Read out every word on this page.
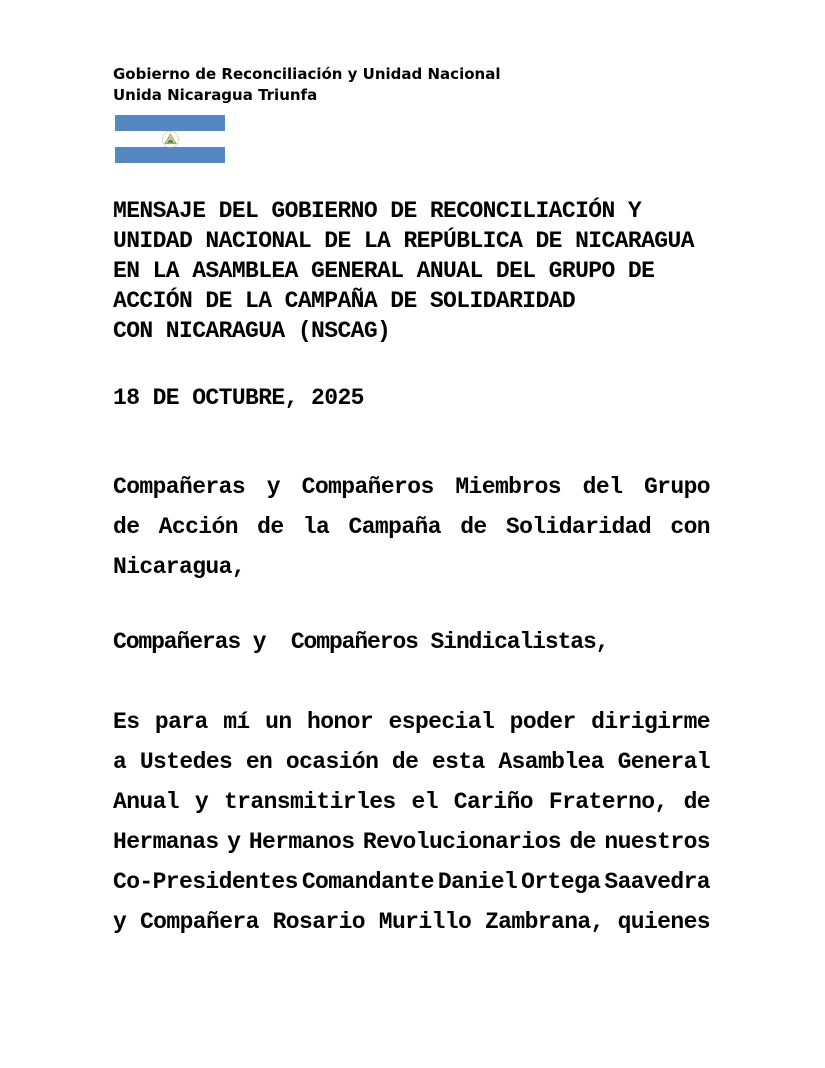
Gobierno de Reconciliación y Unidad Nacional
Unida Nicaragua Triunfa
MENSAJE DEL GOBIERNO DE RECONCILIACIÓN Y
UNIDAD NACIONAL DE LA REPÚBLICA DE NICARAGUA
EN LA ASAMBLEA GENERAL ANUAL DEL GRUPO DE
ACCIÓN DE LA CAMPAÑA DE SOLIDARIDAD
CON NICARAGUA (NSCAG)
18 DE OCTUBRE, 2025
Compañeras y Compañeros Miembros del Grupo
de Acción de la Campaña de Solidaridad con
Nicaragua,
Compañeras y  Compañeros Sindicalistas,
Es para mí un honor especial poder dirigirme
a Ustedes en ocasión de esta Asamblea General
Anual y transmitirles el Cariño Fraterno, de
Hermanas y Hermanos Revolucionarios de nuestros
Co-Presidentes Comandante Daniel Ortega Saavedra
y Compañera Rosario Murillo Zambrana, quienes
